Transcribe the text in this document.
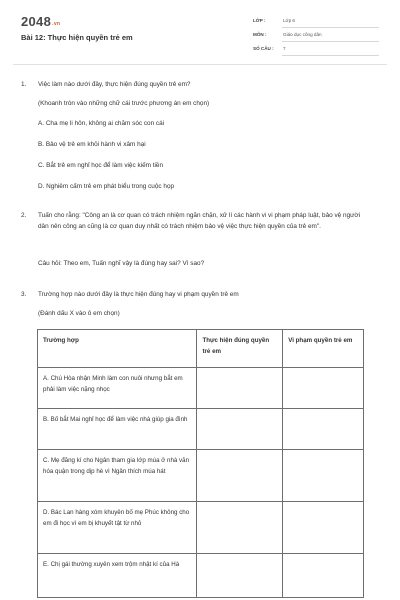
2048.vn
Bài 12: Thực hiện quyền trẻ em
LỚP :	Lớp 6
MÔN :	Giáo dục công dân
SỐ CÂU : 7
1. Việc làm nào dưới đây, thực hiện đúng quyền trẻ em?
(Khoanh tròn vào những chữ cái trước phương án em chọn)
A. Cha mẹ li hôn, không ai chăm sóc con cái
B. Bảo vệ trẻ em khỏi hành vi xâm hại
C. Bắt trẻ em nghỉ học để làm việc kiếm tiền
D. Nghiêm cấm trẻ em phát biểu trong cuộc họp
2. Tuấn cho rằng: "Công an là cơ quan có trách nhiệm ngăn chặn, xử lí các hành vi vi phạm pháp luật, bảo vệ người dân nên công an cũng là cơ quan duy nhất có trách nhiệm bảo vệ việc thực hiện quyền của trẻ em".
Câu hỏi: Theo em, Tuấn nghĩ vậy là đúng hay sai? Vì sao?
3. Trường hợp nào dưới đây là thực hiện đúng hay vi phạm quyền trẻ em
(Đánh dấu X vào ô em chọn)
Trường hợp	Thực hiện đúng quyền trẻ em	Vi phạm quyền trẻ em
A. Chú Hòa nhận Minh làm con nuôi nhưng bắt em phải làm việc nặng nhọc		
B. Bố bắt Mai nghỉ học để làm việc nhà giúp gia đình		
C. Mẹ đăng kí cho Ngân tham gia lớp múa ở nhà văn hóa quận trong dịp hè vì Ngân thích múa hát		
D. Bác Lan hàng xóm khuyên bố mẹ Phúc không cho em đi học vì em bị khuyết tật từ nhỏ		
E. Chị gái thường xuyên xem trộm nhật kí của Hà		
